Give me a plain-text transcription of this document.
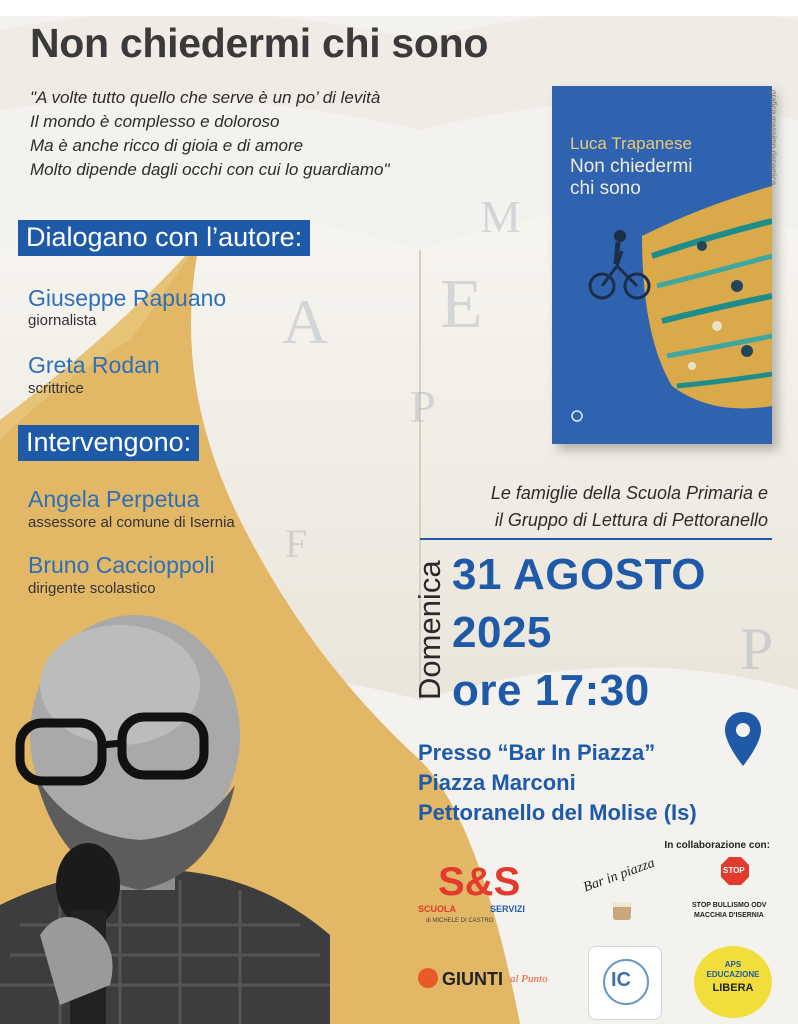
A E
M
P
F
P
Non chiedermi chi sono
"A volte tutto quello che serve è un po’ di levità
Il mondo è complesso e doloroso
Ma è anche ricco di gioia e di amore
Molto dipende dagli occhi con cui lo guardiamo"
Dialogano con l’autore:
Giuseppe Rapuano
giornalista
Greta Rodan
scrittrice
Intervengono:
Angela Perpetua
assessore al comune di Isernia
Bruno Caccioppoli
dirigente scolastico
Luca Trapanese
Non chiedermi
chi sono
grafica massimo danamica
Le famiglie della Scuola Primaria e
il Gruppo di Lettura di Pettoranello
Domenica 31 AGOSTO
2025
ore 17:30
Presso “Bar In Piazza”
Piazza Marconi
Pettoranello del Molise (Is)
In collaborazione con:
S&S
SCUOLA	SERVIZI
di MICHELE DI CASTRO
Bar in piazza	STOP
STOP BULLISMO ODV
MACCHIA D'ISERNIA
GIUNTI al Punto	IC
APS
EDUCAZIONE
LIBERA
